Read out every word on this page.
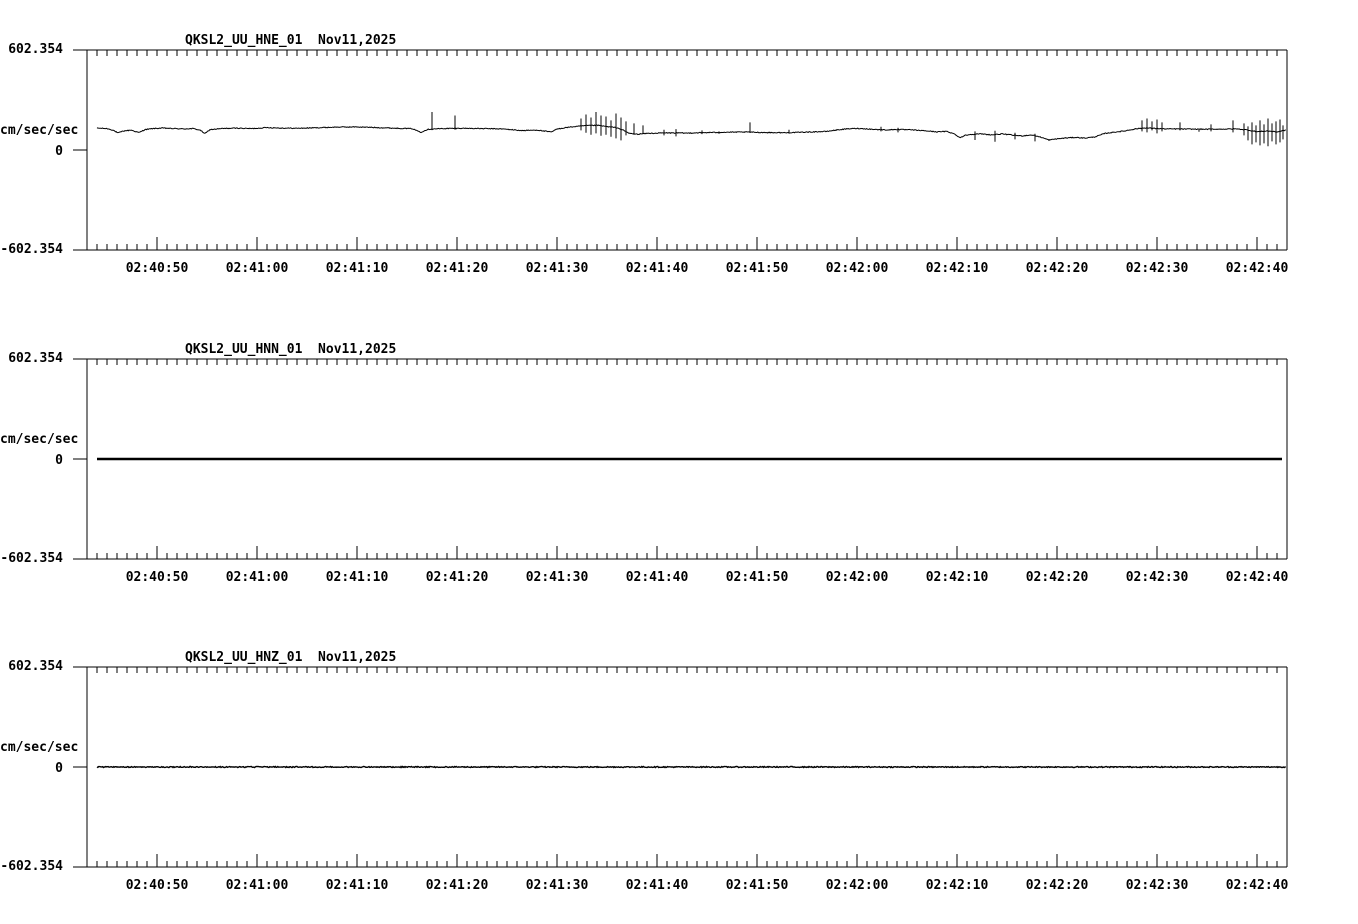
QKSL2_UU_HNE_01  Nov11,2025
602.354
cm/sec/sec
0
-602.354
02:40:50	02:41:00	02:41:10	02:41:20	02:41:30	02:41:40	02:41:50	02:42:00	02:42:10	02:42:20	02:42:30	02:42:40
QKSL2_UU_HNN_01  Nov11,2025
602.354
cm/sec/sec
0
-602.354
02:40:50	02:41:00	02:41:10	02:41:20	02:41:30	02:41:40	02:41:50	02:42:00	02:42:10	02:42:20	02:42:30	02:42:40
QKSL2_UU_HNZ_01  Nov11,2025
602.354
cm/sec/sec
0
-602.354
02:40:50	02:41:00	02:41:10	02:41:20	02:41:30	02:41:40	02:41:50	02:42:00	02:42:10	02:42:20	02:42:30	02:42:40
